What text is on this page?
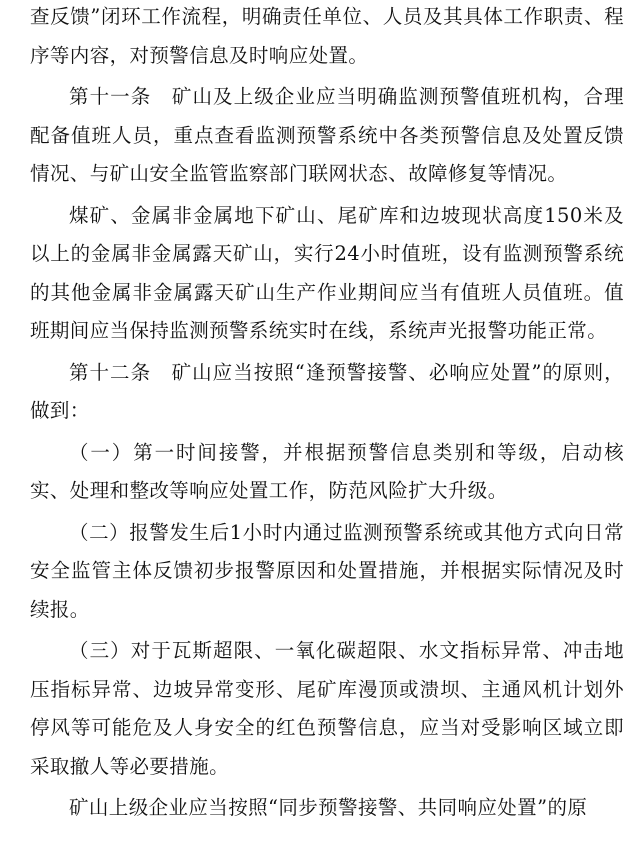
查反馈”闭环工作流程，明确责任单位、人员及其具体工作职责、程序等内容，对预警信息及时响应处置。

第十一条　矿山及上级企业应当明确监测预警值班机构，合理配备值班人员，重点查看监测预警系统中各类预警信息及处置反馈情况、与矿山安全监管监察部门联网状态、故障修复等情况。

煤矿、金属非金属地下矿山、尾矿库和边坡现状高度150米及以上的金属非金属露天矿山，实行24小时值班，设有监测预警系统的其他金属非金属露天矿山生产作业期间应当有值班人员值班。值班期间应当保持监测预警系统实时在线，系统声光报警功能正常。

第十二条　矿山应当按照“逢预警接警、必响应处置”的原则，做到：

（一）第一时间接警，并根据预警信息类别和等级，启动核实、处理和整改等响应处置工作，防范风险扩大升级。

（二）报警发生后1小时内通过监测预警系统或其他方式向日常安全监管主体反馈初步报警原因和处置措施，并根据实际情况及时续报。

（三）对于瓦斯超限、一氧化碳超限、水文指标异常、冲击地压指标异常、边坡异常变形、尾矿库漫顶或溃坝、主通风机计划外停风等可能危及人身安全的红色预警信息，应当对受影响区域立即采取撤人等必要措施。

矿山上级企业应当按照“同步预警接警、共同响应处置”的原
